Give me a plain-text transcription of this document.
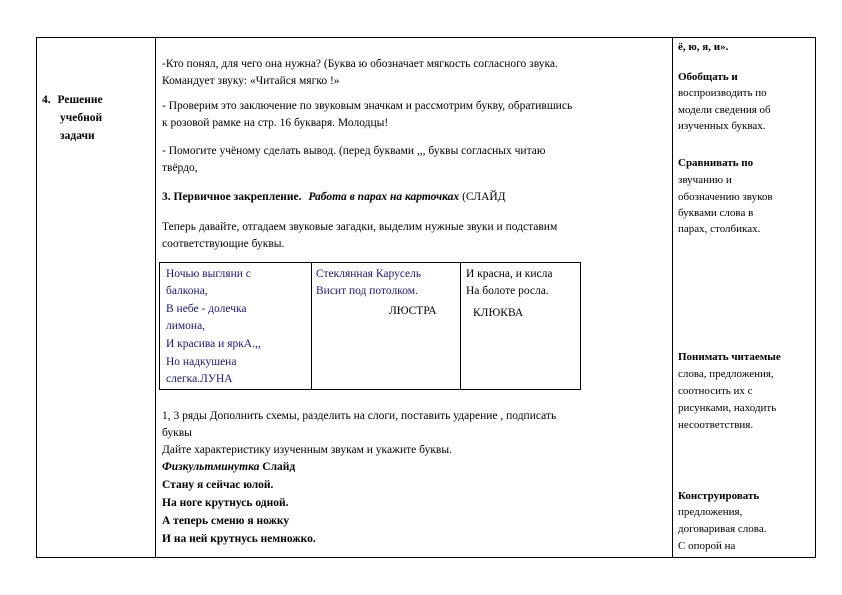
4. Решение
учебной
задачи
-Кто понял, для чего она нужна? (Буква ю обозначает мягкость согласного звука.
Командует звуку: «Читайся мягко !»
- Проверим это заключение по звуковым значкам и рассмотрим букву, обратившись
к розовой рамке на стр. 16 букваря. Молодцы!
- Помогите учёному сделать вывод. (перед буквами ,,, буквы согласных читаю
твёрдо,
3. Первичное закрепление. Работа в парах на карточках (СЛАЙД
Теперь давайте, отгадаем звуковые загадки, выделим нужные звуки и подставим
соответствующие буквы.
Ночью выгляни с
балкона,
В небе - долечка
лимона,
И красива и яркА.,,
Но надкушена
слегка.ЛУНА
Стеклянная Карусель
Висит под потолком.
ЛЮСТРА
И красна, и кисла
На болоте росла.
КЛЮКВА
1, 3 ряды Дополнить схемы, разделить на слоги, поставить ударение , подписать
буквы
Дайте характеристику изученным звукам и укажите буквы.
Физкультминутка Слайд
Стану я сейчас юлой.
На ноге крутнусь одной.
А теперь сменю я ножку
И на ней крутнусь немножко.
ё, ю, я, и».
Обобщать и
воспроизводить по
модели сведения об
изученных буквах.
Сравнивать по
звучанию и
обозначению звуков
буквами слова в
парах, столбиках.
Понимать читаемые
слова, предложения,
соотносить их с
рисунками, находить
несоответствия.
Конструировать
предложения,
договаривая слова.
С опорой на
